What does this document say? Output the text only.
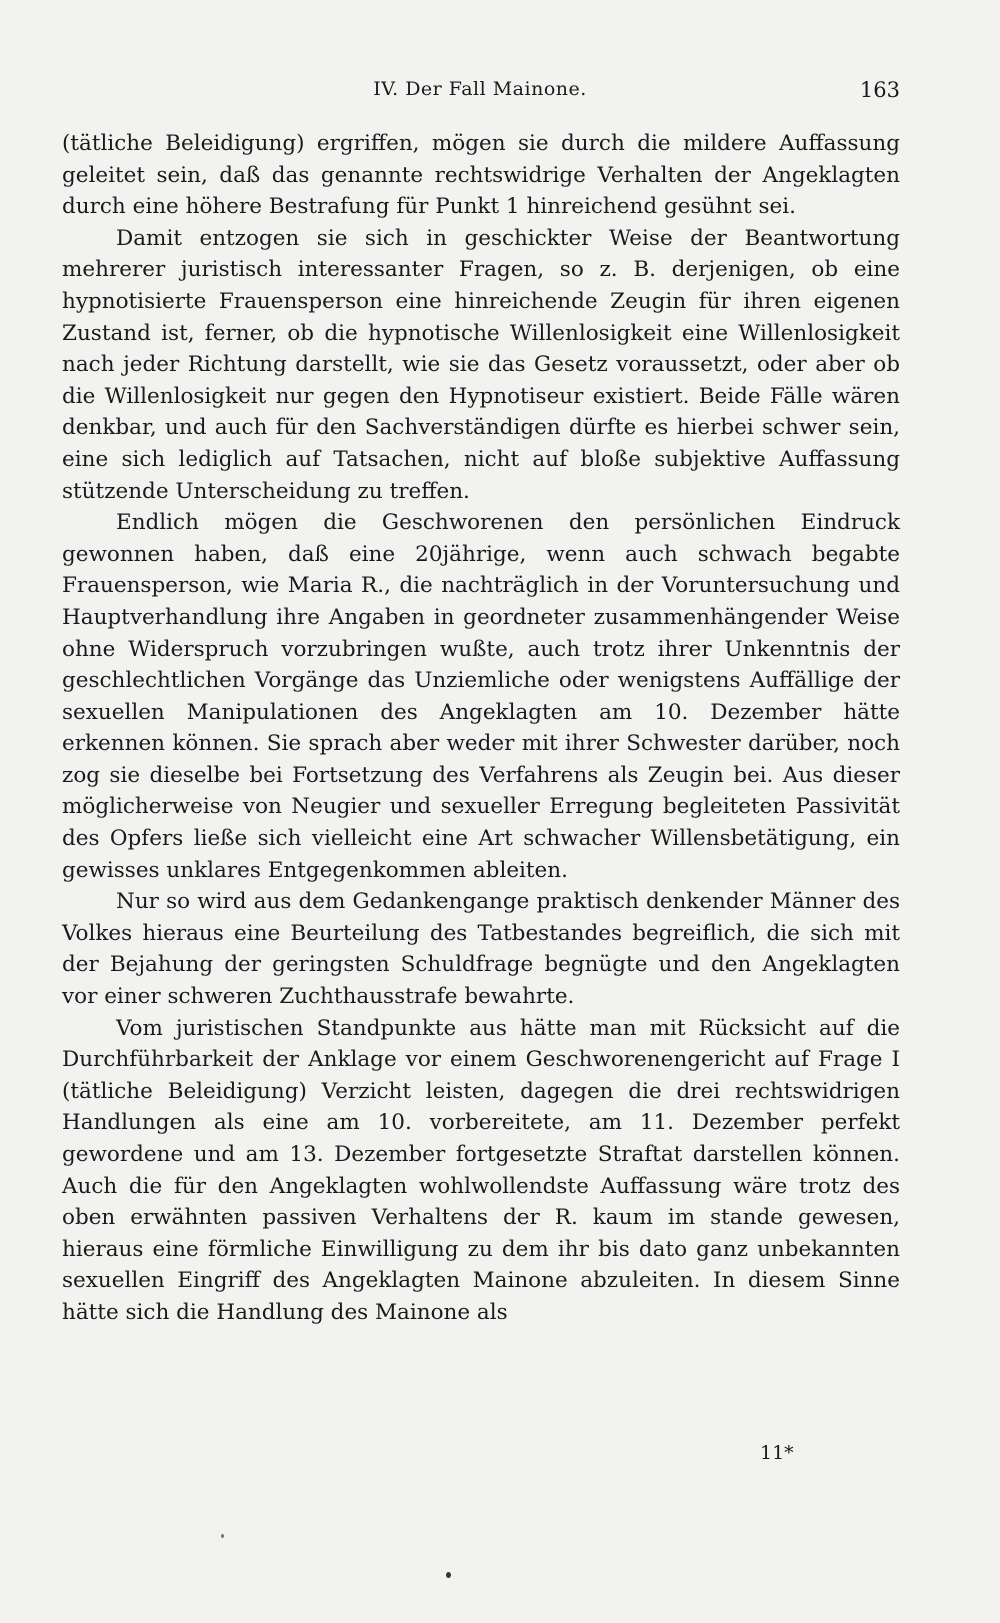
IV. Der Fall Mainone.	163

(tätliche Beleidigung) ergriffen, mögen sie durch die mildere Auffassung geleitet sein, daß das genannte rechtswidrige Verhalten der Angeklagten durch eine höhere Bestrafung für Punkt 1 hinreichend gesühnt sei.

Damit entzogen sie sich in geschickter Weise der Beantwortung mehrerer juristisch interessanter Fragen, so z. B. derjenigen, ob eine hypnotisierte Frauensperson eine hinreichende Zeugin für ihren eigenen Zustand ist, ferner, ob die hypnotische Willenlosigkeit eine Willenlosigkeit nach jeder Richtung darstellt, wie sie das Gesetz voraussetzt, oder aber ob die Willenlosigkeit nur gegen den Hypnotiseur existiert. Beide Fälle wären denkbar, und auch für den Sachverständigen dürfte es hierbei schwer sein, eine sich lediglich auf Tatsachen, nicht auf bloße subjektive Auffassung stützende Unterscheidung zu treffen.

Endlich mögen die Geschworenen den persönlichen Eindruck gewonnen haben, daß eine 20jährige, wenn auch schwach begabte Frauensperson, wie Maria R., die nachträglich in der Voruntersuchung und Hauptverhandlung ihre Angaben in geordneter zusammenhängender Weise ohne Widerspruch vorzubringen wußte, auch trotz ihrer Unkenntnis der geschlechtlichen Vorgänge das Unziemliche oder wenigstens Auffällige der sexuellen Manipulationen des Angeklagten am 10. Dezember hätte erkennen können. Sie sprach aber weder mit ihrer Schwester darüber, noch zog sie dieselbe bei Fortsetzung des Verfahrens als Zeugin bei. Aus dieser möglicherweise von Neugier und sexueller Erregung begleiteten Passivität des Opfers ließe sich vielleicht eine Art schwacher Willensbetätigung, ein gewisses unklares Entgegenkommen ableiten.

Nur so wird aus dem Gedankengange praktisch denkender Männer des Volkes hieraus eine Beurteilung des Tatbestandes begreiflich, die sich mit der Bejahung der geringsten Schuldfrage begnügte und den Angeklagten vor einer schweren Zuchthausstrafe bewahrte.

Vom juristischen Standpunkte aus hätte man mit Rücksicht auf die Durchführbarkeit der Anklage vor einem Geschworenengericht auf Frage I (tätliche Beleidigung) Verzicht leisten, dagegen die drei rechtswidrigen Handlungen als eine am 10. vorbereitete, am 11. Dezember perfekt gewordene und am 13. Dezember fortgesetzte Straftat darstellen können. Auch die für den Angeklagten wohlwollendste Auffassung wäre trotz des oben erwähnten passiven Verhaltens der R. kaum im stande gewesen, hieraus eine förmliche Einwilligung zu dem ihr bis dato ganz unbekannten sexuellen Eingriff des Angeklagten Mainone abzuleiten. In diesem Sinne hätte sich die Handlung des Mainone als

11*
